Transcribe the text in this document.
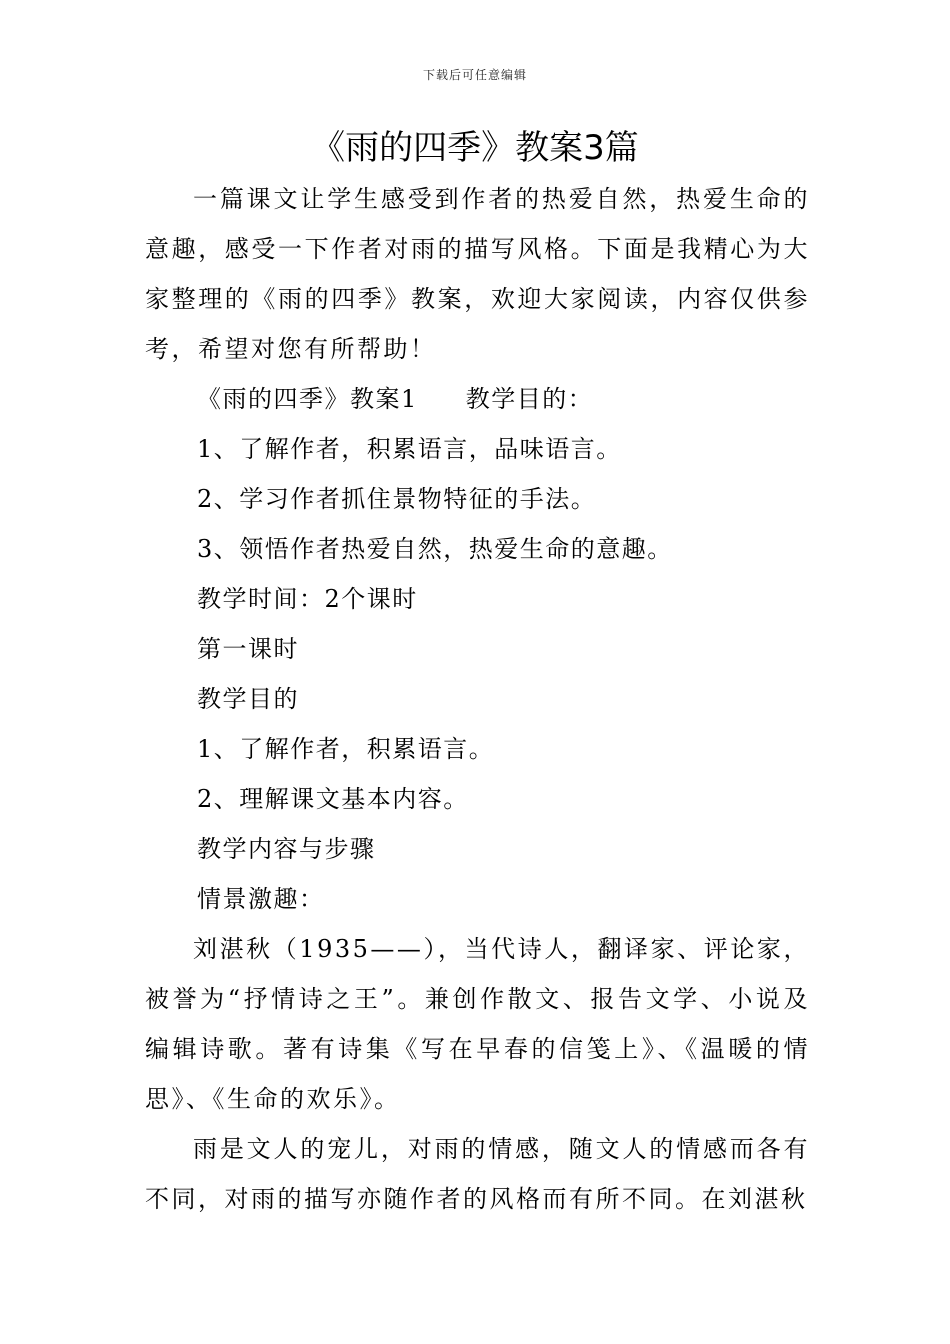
下载后可任意编辑
《雨的四季》教案3篇

一篇课文让学生感受到作者的热爱自然，热爱生命的意趣，感受一下作者对雨的描写风格。下面是我精心为大家整理的《雨的四季》教案，欢迎大家阅读，内容仅供参考，希望对您有所帮助！

《雨的四季》教案1 教学目的：

1、了解作者，积累语言，品味语言。

2、学习作者抓住景物特征的手法。

3、领悟作者热爱自然，热爱生命的意趣。

教学时间：2个课时

第一课时

教学目的

1、了解作者，积累语言。

2、理解课文基本内容。

教学内容与步骤

情景激趣：

刘湛秋（1935——），当代诗人，翻译家、评论家，被誉为“抒情诗之王”。兼创作散文、报告文学、小说及编辑诗歌。著有诗集《写在早春的信笺上》、《温暖的情思》、《生命的欢乐》。

雨是文人的宠儿，对雨的情感，随文人的情感而各有不同，对雨的描写亦随作者的风格而有所不同。在刘湛秋
